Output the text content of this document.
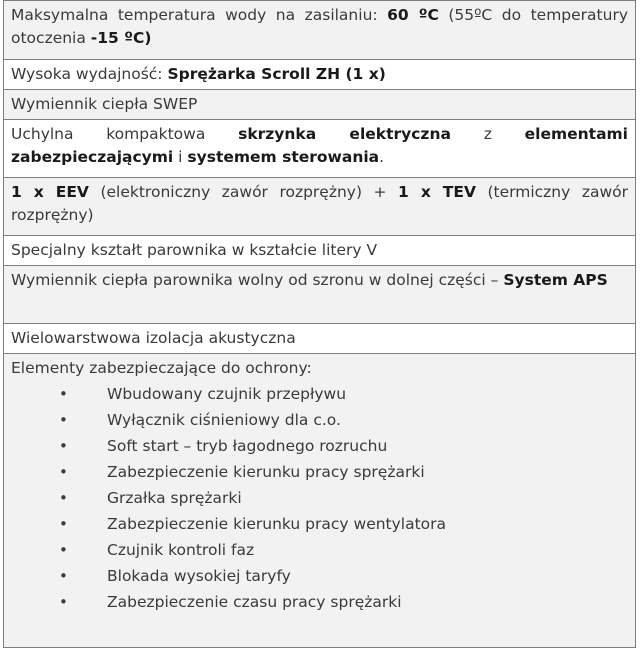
Maksymalna temperatura wody na zasilaniu: 60 ºC (55ºC do temperatury otoczenia -15 ºC)
Wysoka wydajność: Sprężarka Scroll ZH (1 x)
Wymiennik ciepła SWEP
Uchylna kompaktowa skrzynka elektryczna z elementami zabezpieczającymi i systemem sterowania.
1 x EEV (elektroniczny zawór rozprężny) + 1 x TEV (termiczny zawór rozprężny)
Specjalny kształt parownika w kształcie litery V
Wymiennik ciepła parownika wolny od szronu w dolnej części – System APS
Wielowarstwowa izolacja akustyczna
Elementy zabezpieczające do ochrony:
•	Wbudowany czujnik przepływu
•	Wyłącznik ciśnieniowy dla c.o.
•	Soft start – tryb łagodnego rozruchu
•	Zabezpieczenie kierunku pracy sprężarki
•	Grzałka sprężarki
•	Zabezpieczenie kierunku pracy wentylatora
•	Czujnik kontroli faz
•	Blokada wysokiej taryfy
•	Zabezpieczenie czasu pracy sprężarki
